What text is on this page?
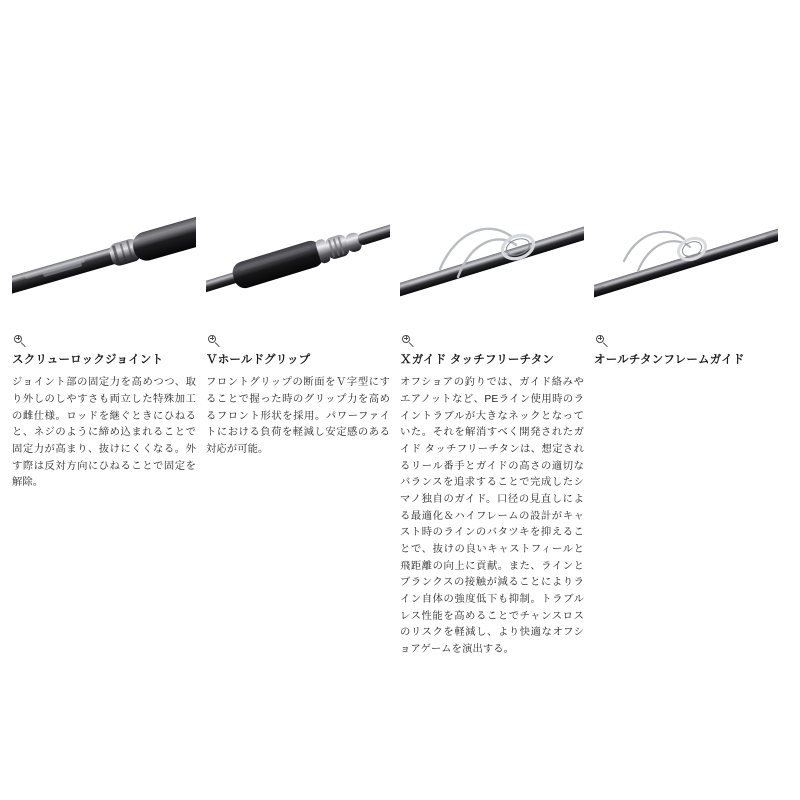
スクリューロックジョイント

ジョイント部の固定力を高めつつ、取り外しのしやすさも両立した特殊加工の雌仕様。ロッドを継ぐときにひねると、ネジのように締め込まれることで固定力が高まり、抜けにくくなる。外す際は反対方向にひねることで固定を解除。

Ｖホールドグリップ

フロントグリップの断面をＶ字型にすることで握った時のグリップ力を高めるフロント形状を採用。パワーファイトにおける負荷を軽減し安定感のある対応が可能。

Ｘガイド タッチフリーチタン

オフショアの釣りでは、ガイド絡みやエアノットなど、PEライン使用時のライントラブルが大きなネックとなっていた。それを解消すべく開発されたガイド タッチフリーチタンは、想定されるリール番手とガイドの高さの適切なバランスを追求することで完成したシマノ独自のガイド。口径の見直しによる最適化＆ハイフレームの設計がキャスト時のラインのバタツキを抑えることで、抜けの良いキャストフィールと飛距離の向上に貢献。また、ラインとブランクスの接触が減ることによりライン自体の強度低下も抑制。トラブルレス性能を高めることでチャンスロスのリスクを軽減し、より快適なオフショアゲームを演出する。

オールチタンフレームガイド
